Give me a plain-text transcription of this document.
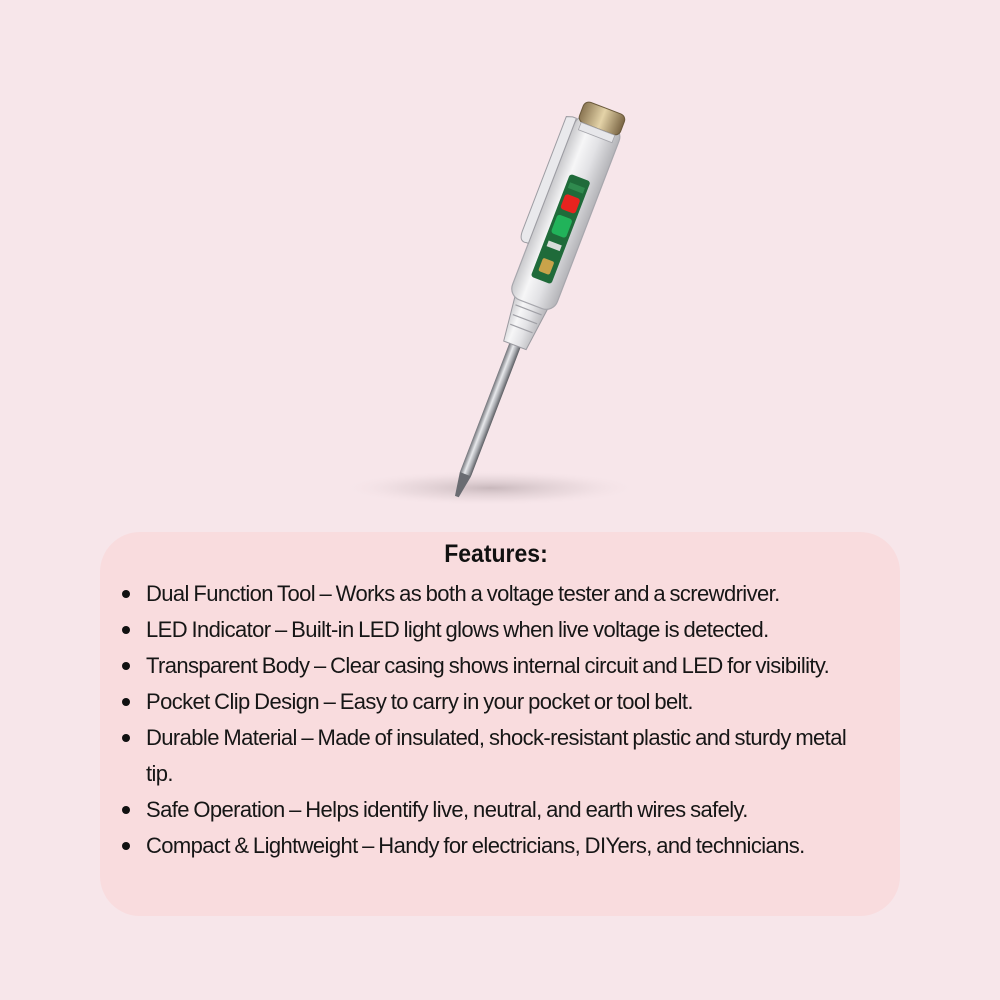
Features:
Dual Function Tool – Works as both a voltage tester and a screwdriver.
LED Indicator – Built-in LED light glows when live voltage is detected.
Transparent Body – Clear casing shows internal circuit and LED for visibility.
Pocket Clip Design – Easy to carry in your pocket or tool belt.
Durable Material – Made of insulated, shock-resistant plastic and sturdy metal tip.
Safe Operation – Helps identify live, neutral, and earth wires safely.
Compact & Lightweight – Handy for electricians, DIYers, and technicians.
